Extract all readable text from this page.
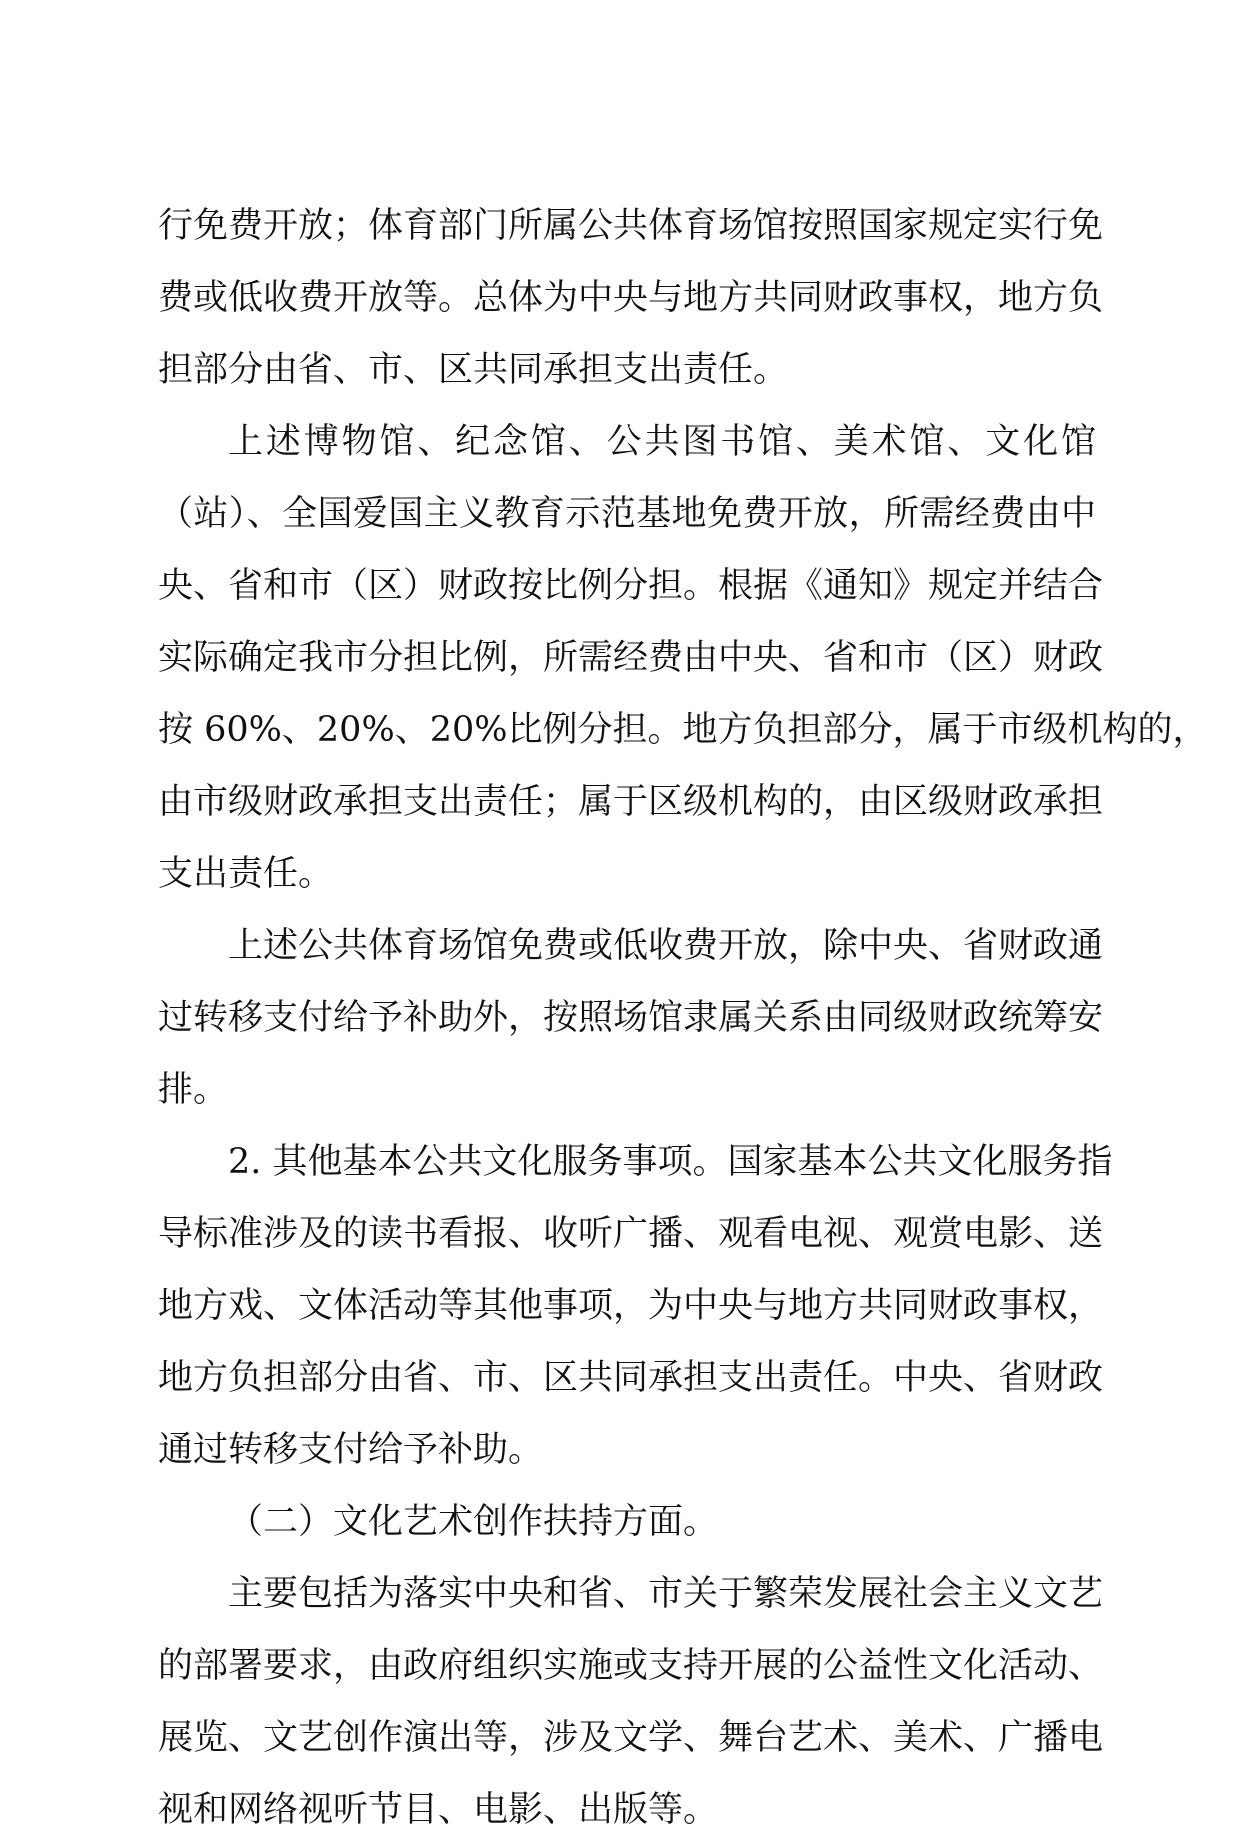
行免费开放；体育部门所属公共体育场馆按照国家规定实行免
费或低收费开放等。总体为中央与地方共同财政事权，地方负
担部分由省、市、区共同承担支出责任。
上述博物馆、纪念馆、公共图书馆、美术馆、文化馆
（站）、全国爱国主义教育示范基地免费开放，所需经费由中
央、省和市（区）财政按比例分担。根据《通知》规定并结合
实际确定我市分担比例，所需经费由中央、省和市（区）财政
按 60%、20%、20%比例分担。地方负担部分，属于市级机构的，
由市级财政承担支出责任；属于区级机构的，由区级财政承担
支出责任。
上述公共体育场馆免费或低收费开放，除中央、省财政通
过转移支付给予补助外，按照场馆隶属关系由同级财政统筹安
排。
2. 其他基本公共文化服务事项。国家基本公共文化服务指
导标准涉及的读书看报、收听广播、观看电视、观赏电影、送
地方戏、文体活动等其他事项，为中央与地方共同财政事权，
地方负担部分由省、市、区共同承担支出责任。中央、省财政
通过转移支付给予补助。
（二）文化艺术创作扶持方面。
主要包括为落实中央和省、市关于繁荣发展社会主义文艺
的部署要求，由政府组织实施或支持开展的公益性文化活动、
展览、文艺创作演出等，涉及文学、舞台艺术、美术、广播电
视和网络视听节目、电影、出版等。
